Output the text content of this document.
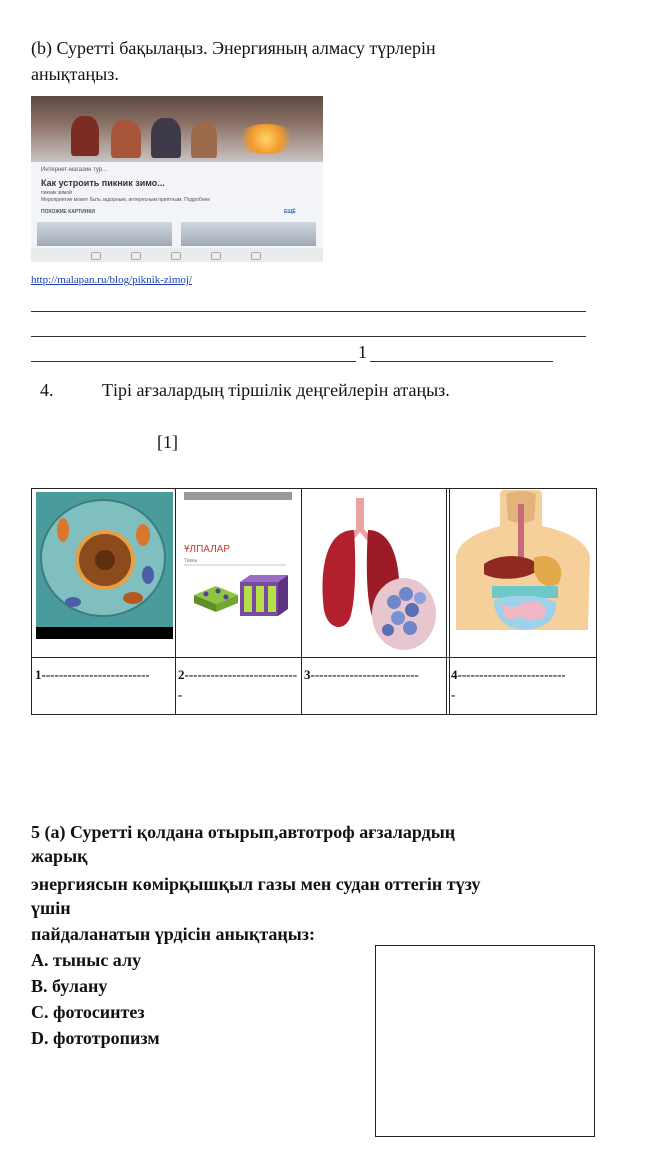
(b) Суретті бақылаңыз. Энергияның алмасу түрлерін
анықтаңыз.
Интернет-магазин тур...
Как устроить пикник зимо...
пикник зимой
Мероприятие может быть задорным, интересным приятным. Подробнее
ПОХОЖИЕ КАРТИНКИ	ЕЩЁ
http://malapan.ru/blog/piknik-zimoj/
1
4.	Тірі ағзалардың тіршілік деңгейлерін атаңыз.
[1]
ҰЛПАЛАР
Ткань
1------------------------- 2-------------------------- 3------------------------- 4-------------------------
-	-
5 (a) Суретті қолдана отырып,автотроф ағзалардың
жарық
энергиясын көмірқышқыл газы мен судан оттегін түзу
үшін
пайдаланатын үрдісін анықтаңыз:
A. тыныс алу
B. булану
C. фотосинтез
D. фототропизм
